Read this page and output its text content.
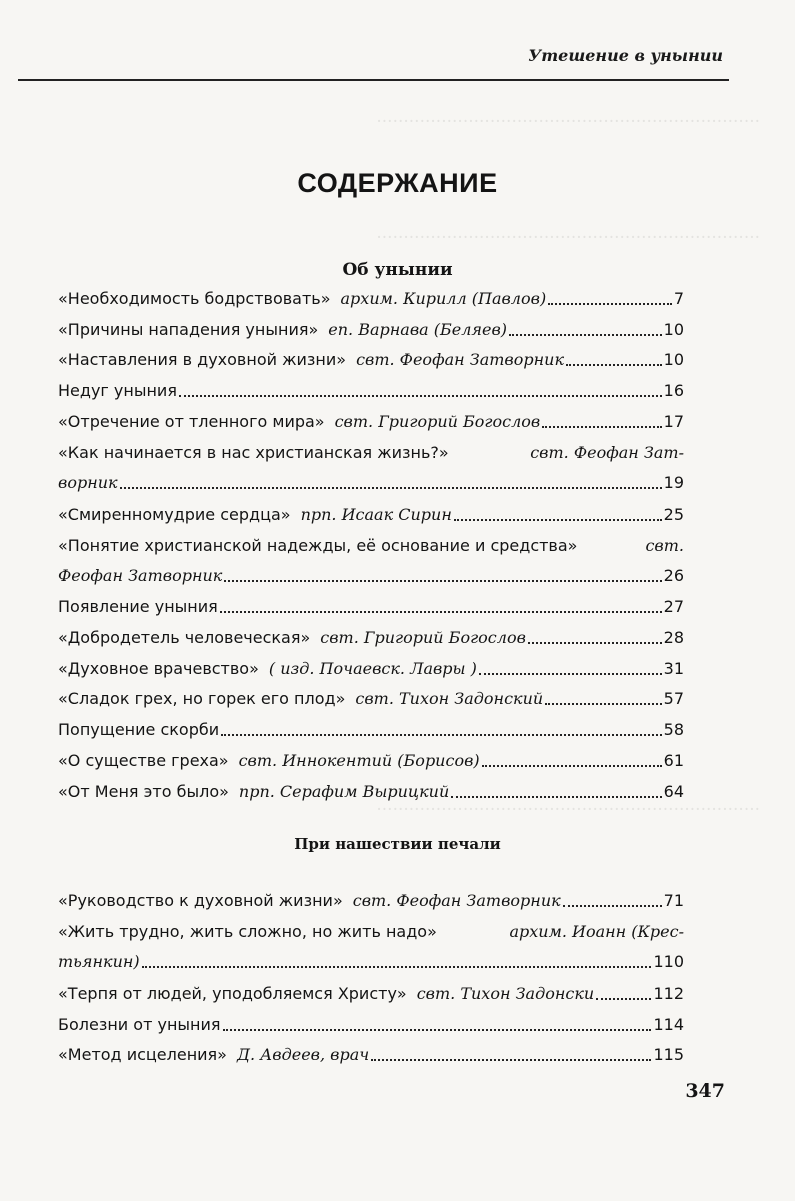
Утешение в унынии
·······································································
·······································································
·······································································
СОДЕРЖАНИЕ
Об унынии
«Необходимость бодрствовать» архим. Кирилл (Павлов)	7
«Причины нападения уныния» еп. Варнава (Беляев)	10
«Наставления в духовной жизни» свт. Феофан Затворник	10
Недуг уныния	16
«Отречение от тленного мира» свт. Григорий Богослов	17
«Как начинается в нас христианская жизнь?»	свт. Феофан Зат-
ворник	19
«Смиренномудрие сердца» прп. Исаак Сирин	25
«Понятие христианской надежды, её основание и средства»	свт.
Феофан Затворник	26
Появление уныния	27
«Добродетель человеческая» свт. Григорий Богослов	28
«Духовное врачевство» ( изд. Почаевск. Лавры )	31
«Сладок грех, но горек его плод» свт. Тихон Задонский	57
Попущение скорби	58
«О существе греха» свт. Иннокентий (Борисов)	61
«От Меня это было» прп. Серафим Вырицкий	64
При нашествии печали
«Руководство к духовной жизни» свт. Феофан Затворник	71
«Жить трудно, жить сложно, но жить надо»	архим. Иоанн (Крес-
тьянкин)	110
«Терпя от людей, уподобляемся Христу» свт. Тихон Задонски	112
Болезни от уныния	114
«Метод исцеления» Д. Авдеев, врач	115
347
